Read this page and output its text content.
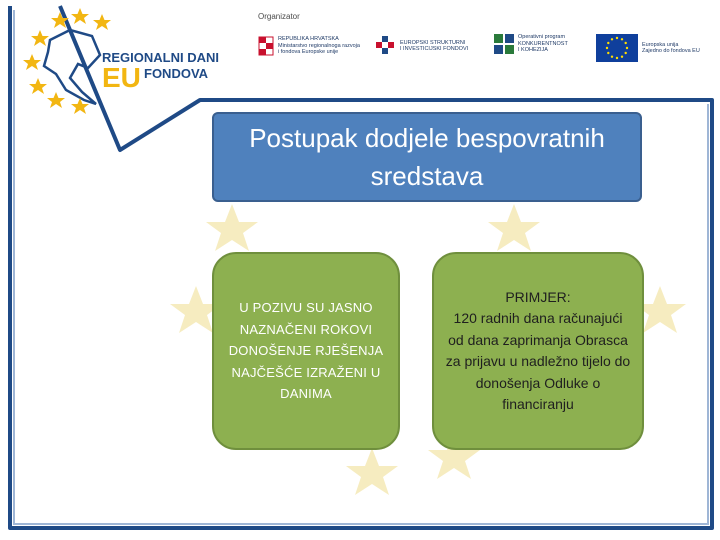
Organizator
REGIONALNI DANI
EU FONDOVA
REPUBLIKA HRVATSKA
Ministarstvo regionalnoga razvoja
i fondova Europske unije
EUROPSKI STRUKTURNI
I INVESTICIJSKI FONDOVI
Operativni program
KONKURENTNOST
I KOHEZIJA
Europska unija
Zajedno do fondova EU
Postupak dodjele bespovratnih sredstava
U POZIVU SU JASNO NAZNAČENI ROKOVI DONOŠENJE RJEŠENJA NAJČEŠĆE IZRAŽENI U DANIMA
PRIMJER:
120 radnih dana računajući od dana zaprimanja Obrasca za prijavu u nadležno tijelo do donošenja Odluke o financiranju
